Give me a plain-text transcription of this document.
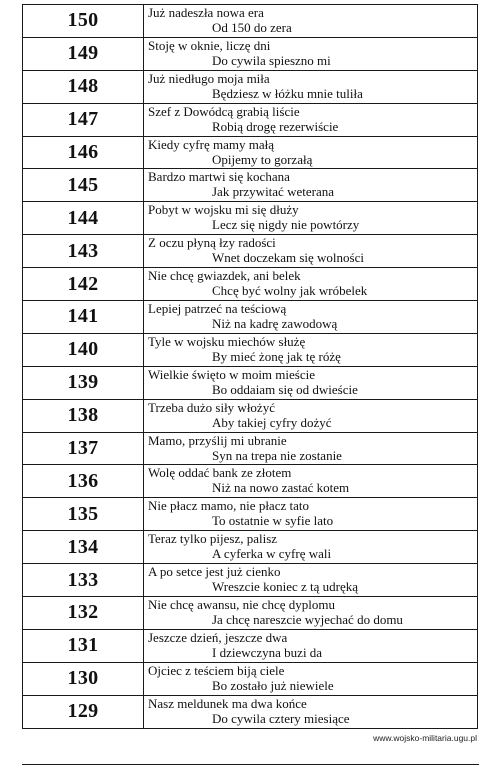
150	Już nadeszła nowa era
Od 150 do zera
149	Stoję w oknie, liczę dni
Do cywila spieszno mi
148	Już niedługo moja miła
Będziesz w łóżku mnie tuliła
147	Szef z Dowódcą grabią liście
Robią drogę rezerwiście
146	Kiedy cyfrę mamy małą
Opijemy to gorzałą
145	Bardzo martwi się kochana
Jak przywitać weterana
144	Pobyt w wojsku mi się dłuży
Lecz się nigdy nie powtórzy
143	Z oczu płyną łzy radości
Wnet doczekam się wolności
142	Nie chcę gwiazdek, ani belek
Chcę być wolny jak wróbelek
141	Lepiej patrzeć na teściową
Niż na kadrę zawodową
140	Tyle w wojsku miechów służę
By mieć żonę jak tę różę
139	Wielkie święto w moim mieście
Bo oddaiam się od dwieście
138	Trzeba dużo siły włożyć
Aby takiej cyfry dożyć
137	Mamo, przyślij mi ubranie
Syn na trepa nie zostanie
136	Wolę oddać bank ze złotem
Niż na nowo zastać kotem
135	Nie płacz mamo, nie płacz tato
To ostatnie w syfie lato
134	Teraz tylko pijesz, palisz
A cyferka w cyfrę wali
133	A po setce jest już cienko
Wreszcie koniec z tą udręką
132	Nie chcę awansu, nie chcę dyplomu
Ja chcę nareszcie wyjechać do domu
131	Jeszcze dzień, jeszcze dwa
I dziewczyna buzi da
130	Ojciec z teściem biją ciele
Bo zostało już niewiele
129	Nasz meldunek ma dwa końce
Do cywila cztery miesiące
www.wojsko-militaria.ugu.pl
